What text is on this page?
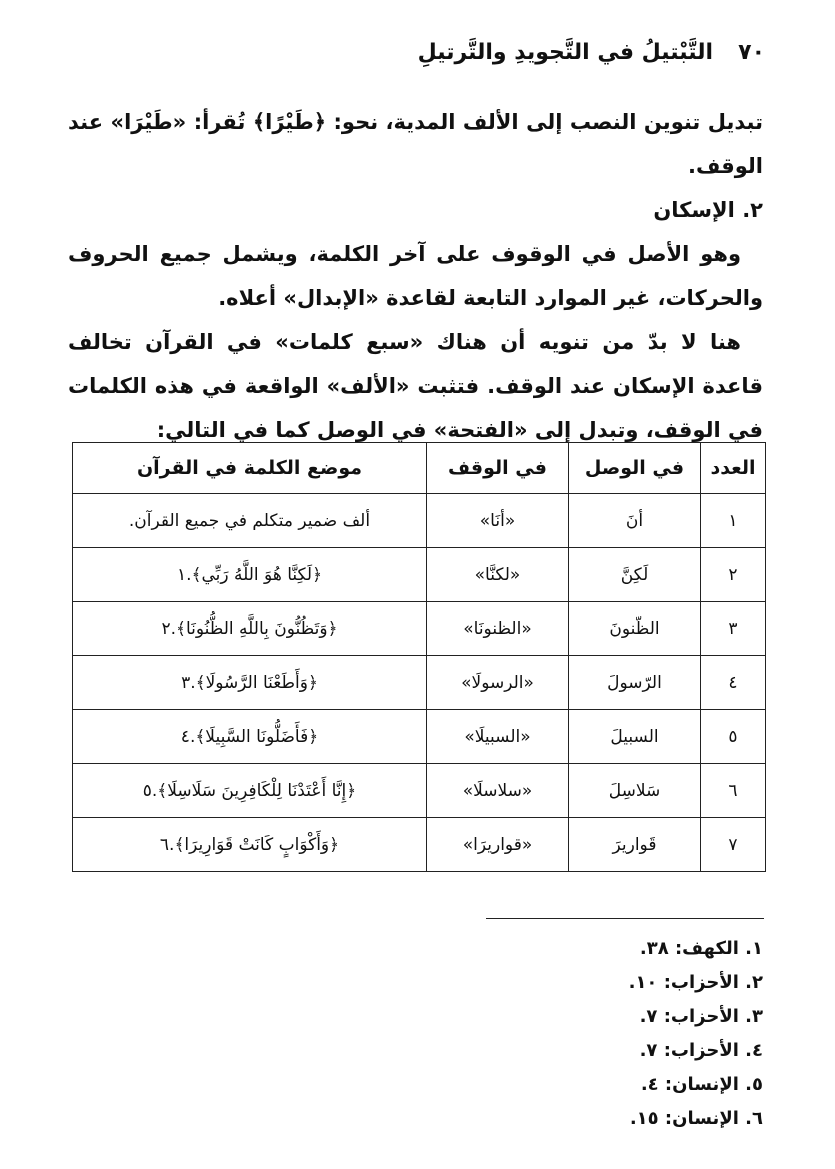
٧٠
التَّبْتيلُ في التَّجويدِ والتَّرتيلِ

تبديل تنوين النصب إلى الألف المدية، نحو: ﴿طَيْرًا﴾ تُقرأ: «طَيْرَا» عند الوقف.

٢. الإسكان

وهو الأصل في الوقوف على آخر الكلمة، ويشمل جميع الحروف والحركات، غير الموارد التابعة لقاعدة «الإبدال» أعلاه.

هنا لا بدّ من تنويه أن هناك «سبع كلمات» في القرآن تخالف قاعدة الإسكان عند الوقف. فتثبت «الألف» الواقعة في هذه الكلمات في الوقف، وتبدل إلى «الفتحة» في الوصل كما في التالي:

العدد	في الوصل	في الوقف	موضع الكلمة في القرآن
١	أنَ	«أنَا»	ألف ضمير متكلم في جميع القرآن.
٢	لَكِنَّ	«لكنَّا»	﴿لَكِنَّا هُوَ اللَّهُ رَبِّي﴾.١
٣	الظّنونَ	«الظنونَا»	﴿وَتَظُنُّونَ بِاللَّهِ الظُّنُونَا﴾.٢
٤	الرّسولَ	«الرسولَا»	﴿وَأَطَعْنَا الرَّسُولَا﴾.٣
٥	السبيلَ	«السبيلَا»	﴿فَأَضَلُّونَا السَّبِيلَا﴾.٤
٦	سَلاسِلَ	«سلاسلَا»	﴿إِنَّا أَعْتَدْنَا لِلْكَافِرِينَ سَلَاسِلَا﴾.٥
٧	قَواريرَ	«قواريرَا»	﴿وَأَكْوَابٍ كَانَتْ قَوَارِيرَا﴾.٦
١. الكهف: ٣٨.
٢. الأحزاب: ١٠.
٣. الأحزاب: ٧.
٤. الأحزاب: ٧.
٥. الإنسان: ٤.
٦. الإنسان: ١٥.
